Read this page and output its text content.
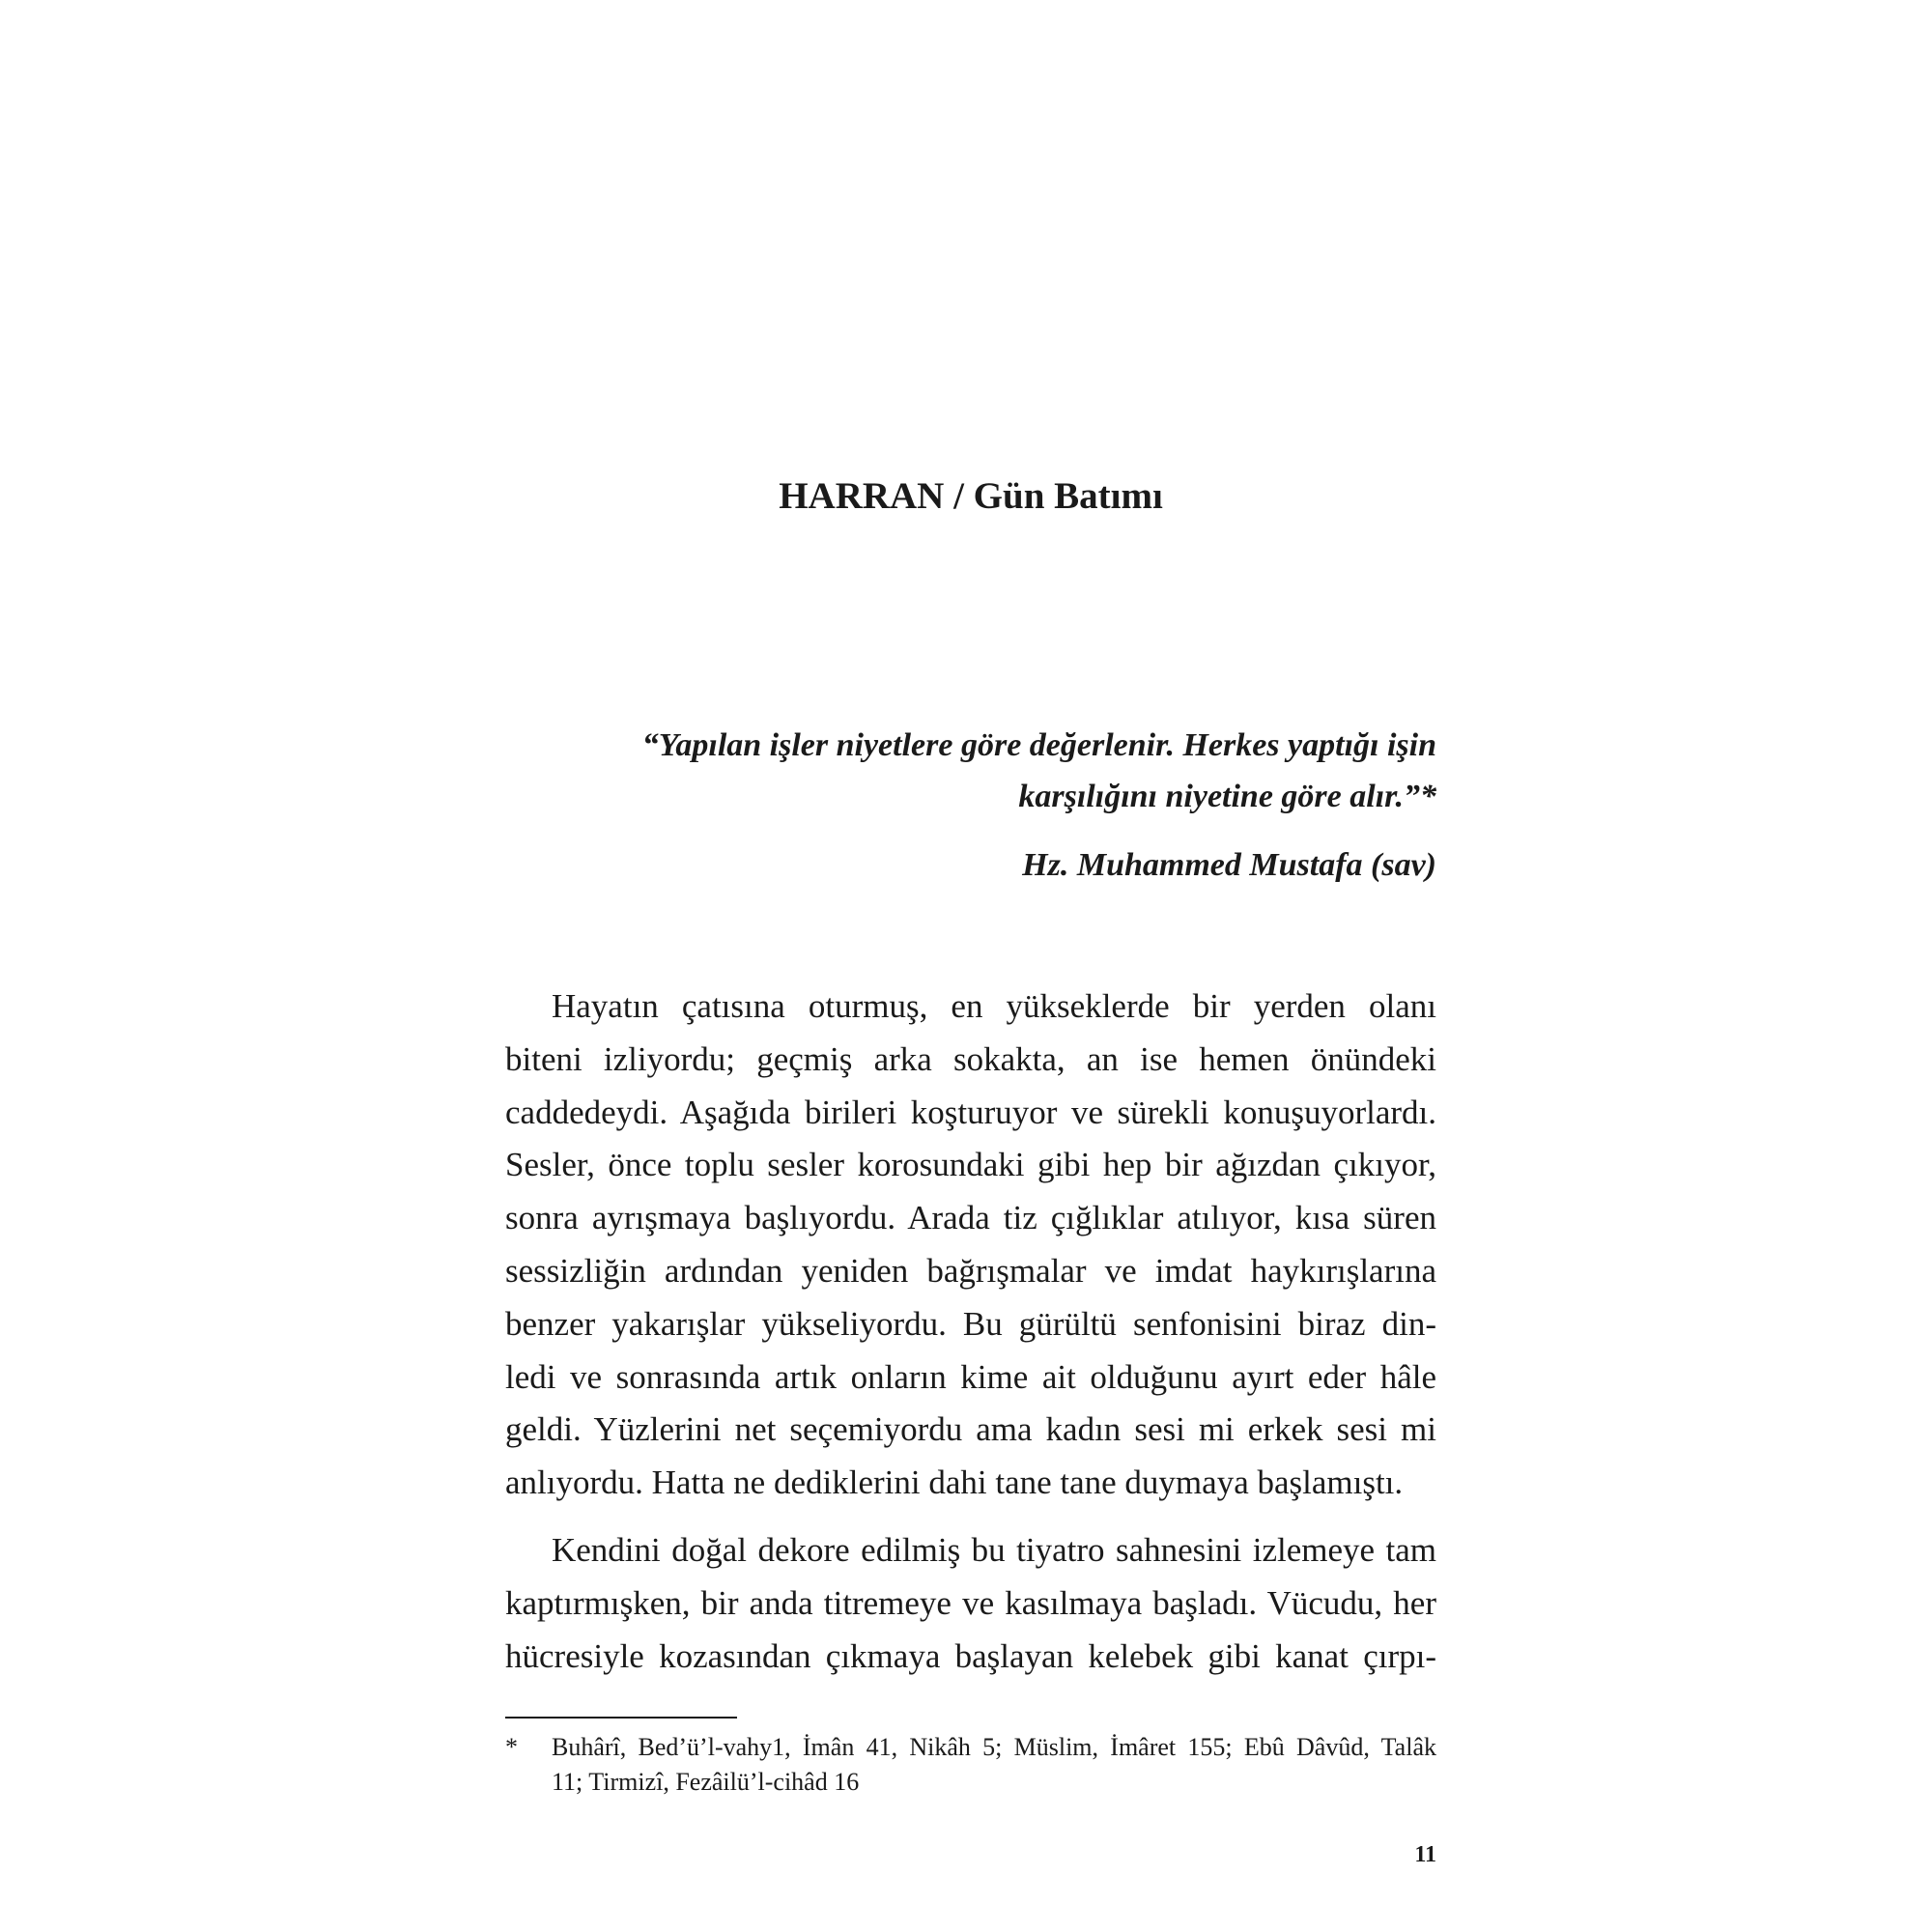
HARRAN / Gün Batımı

“Yapılan işler niyetlere göre değerlenir. Herkes yaptığı işin
karşılığını niyetine göre alır.”*

Hz. Muhammed Mustafa (sav)

Hayatın çatısına oturmuş, en yükseklerde bir yerden olanı
biteni izliyordu; geçmiş arka sokakta, an ise hemen önündeki
caddedeydi. Aşağıda birileri koşturuyor ve sürekli konuşuyorlardı.
Sesler, önce toplu sesler korosundaki gibi hep bir ağızdan çıkıyor,
sonra ayrışmaya başlıyordu. Arada tiz çığlıklar atılıyor, kısa süren
sessizliğin ardından yeniden bağrışmalar ve imdat haykırışlarına
benzer yakarışlar yükseliyordu. Bu gürültü senfonisini biraz din-
ledi ve sonrasında artık onların kime ait olduğunu ayırt eder hâle
geldi. Yüzlerini net seçemiyordu ama kadın sesi mi erkek sesi mi
anlıyordu. Hatta ne dediklerini dahi tane tane duymaya başlamıştı.

Kendini doğal dekore edilmiş bu tiyatro sahnesini izlemeye tam
kaptırmışken, bir anda titremeye ve kasılmaya başladı. Vücudu, her
hücresiyle kozasından çıkmaya başlayan kelebek gibi kanat çırpı-

* Buhârî, Bed’ü’l-vahy1, İmân 41, Nikâh 5; Müslim, İmâret 155; Ebû Dâvûd, Talâk
11; Tirmizî, Fezâilü’l-cihâd 16
11
